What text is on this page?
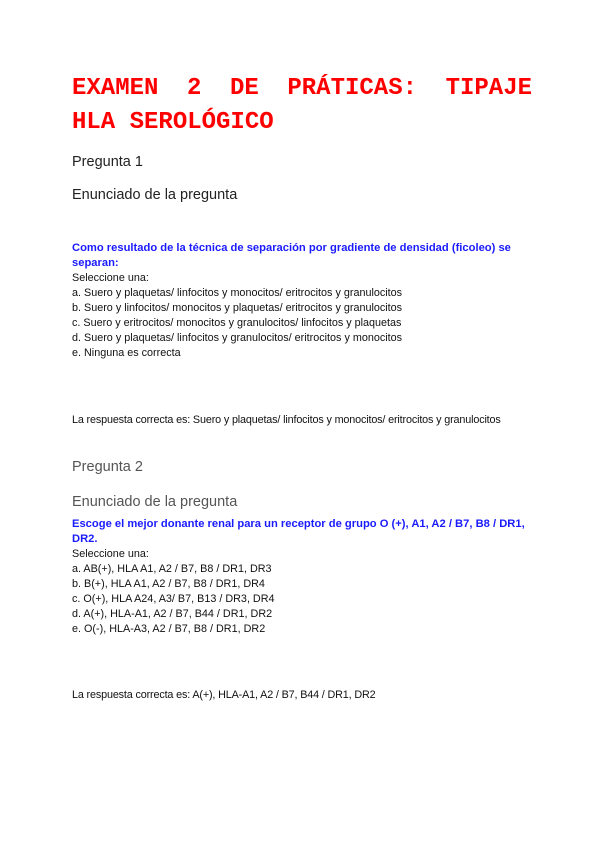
EXAMEN 2 DE PRÁTICAS: TIPAJE HLA SEROLÓGICO

Pregunta 1

Enunciado de la pregunta

Como resultado de la técnica de separación por gradiente de densidad (ficoleo) se separan:

Seleccione una:
a. Suero y plaquetas/ linfocitos y monocitos/ eritrocitos y granulocitos
b. Suero y linfocitos/ monocitos y plaquetas/ eritrocitos y granulocitos
c. Suero y eritrocitos/ monocitos y granulocitos/ linfocitos y plaquetas
d. Suero y plaquetas/ linfocitos y granulocitos/ eritrocitos y monocitos
e. Ninguna es correcta

La respuesta correcta es: Suero y plaquetas/ linfocitos y monocitos/ eritrocitos y granulocitos

Pregunta 2

Enunciado de la pregunta

Escoge el mejor donante renal para un receptor de grupo O (+), A1, A2 / B7, B8 / DR1, DR2.

Seleccione una:
a. AB(+), HLA A1, A2 / B7, B8 / DR1, DR3
b. B(+), HLA A1, A2 / B7, B8 / DR1, DR4
c. O(+), HLA A24, A3/ B7, B13 / DR3, DR4
d. A(+), HLA-A1, A2 / B7, B44 / DR1, DR2
e. O(-), HLA-A3, A2 / B7, B8 / DR1, DR2

La respuesta correcta es: A(+), HLA-A1, A2 / B7, B44 / DR1, DR2
